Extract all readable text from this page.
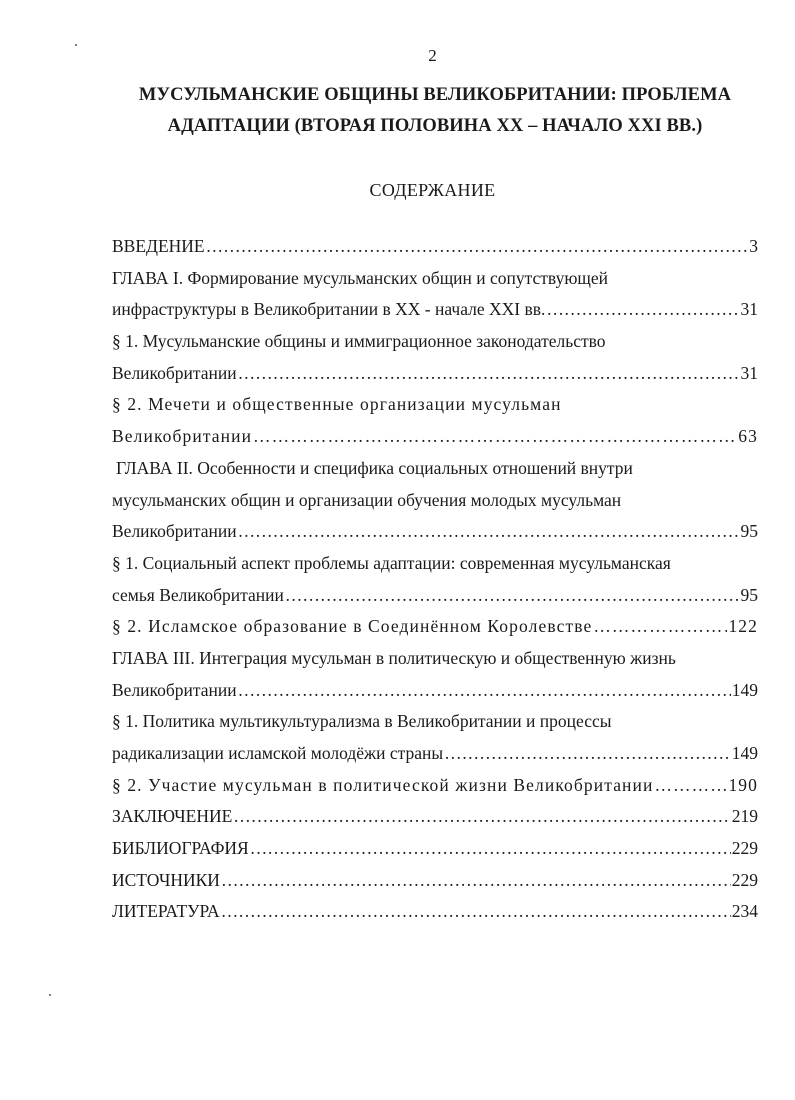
2
МУСУЛЬМАНСКИЕ ОБЩИНЫ ВЕЛИКОБРИТАНИИ: ПРОБЛЕМА
АДАПТАЦИИ (ВТОРАЯ ПОЛОВИНА XX – НАЧАЛО XXI ВВ.)
СОДЕРЖАНИЕ
ВВЕДЕНИЕ ……………………………………………………………………………………………………………………………………………………………………	3
ГЛАВА I. Формирование мусульманских общин и сопутствующей
инфраструктуры в Великобритании в XX - начале XXI вв. ……………………………………………………………………………………………………………………………………………………………………	31
§ 1. Мусульманские общины и иммиграционное законодательство
Великобритании ……………………………………………………………………………………………………………………………………………………………………	31
§ 2. Мечети и общественные организации мусульман
Великобритании ……………………………………………………………………………………………………………………………………………………………………	63
ГЛАВА II. Особенности и специфика социальных отношений внутри
мусульманских общин и организации обучения молодых мусульман
Великобритании ……………………………………………………………………………………………………………………………………………………………………	95
§ 1. Социальный аспект проблемы адаптации: современная мусульманская
семья Великобритании ……………………………………………………………………………………………………………………………………………………………………	95
§ 2. Исламское образование в Соединённом Королевстве ……………………………………………………………………………………………………………………………………………………………………	122
ГЛАВА III. Интеграция мусульман в политическую и общественную жизнь
Великобритании ……………………………………………………………………………………………………………………………………………………………………	149
§ 1. Политика мультикультурализма в Великобритании и процессы
радикализации исламской молодёжи страны ……………………………………………………………………………………………………………………………………………………………………	149
§ 2. Участие мусульман в политической жизни Великобритании ……………………………………………………………………………………………………………………………………………………………………	190
ЗАКЛЮЧЕНИЕ ……………………………………………………………………………………………………………………………………………………………………	219
БИБЛИОГРАФИЯ ……………………………………………………………………………………………………………………………………………………………………	229
ИСТОЧНИКИ ……………………………………………………………………………………………………………………………………………………………………	229
ЛИТЕРАТУРА ……………………………………………………………………………………………………………………………………………………………………	234
